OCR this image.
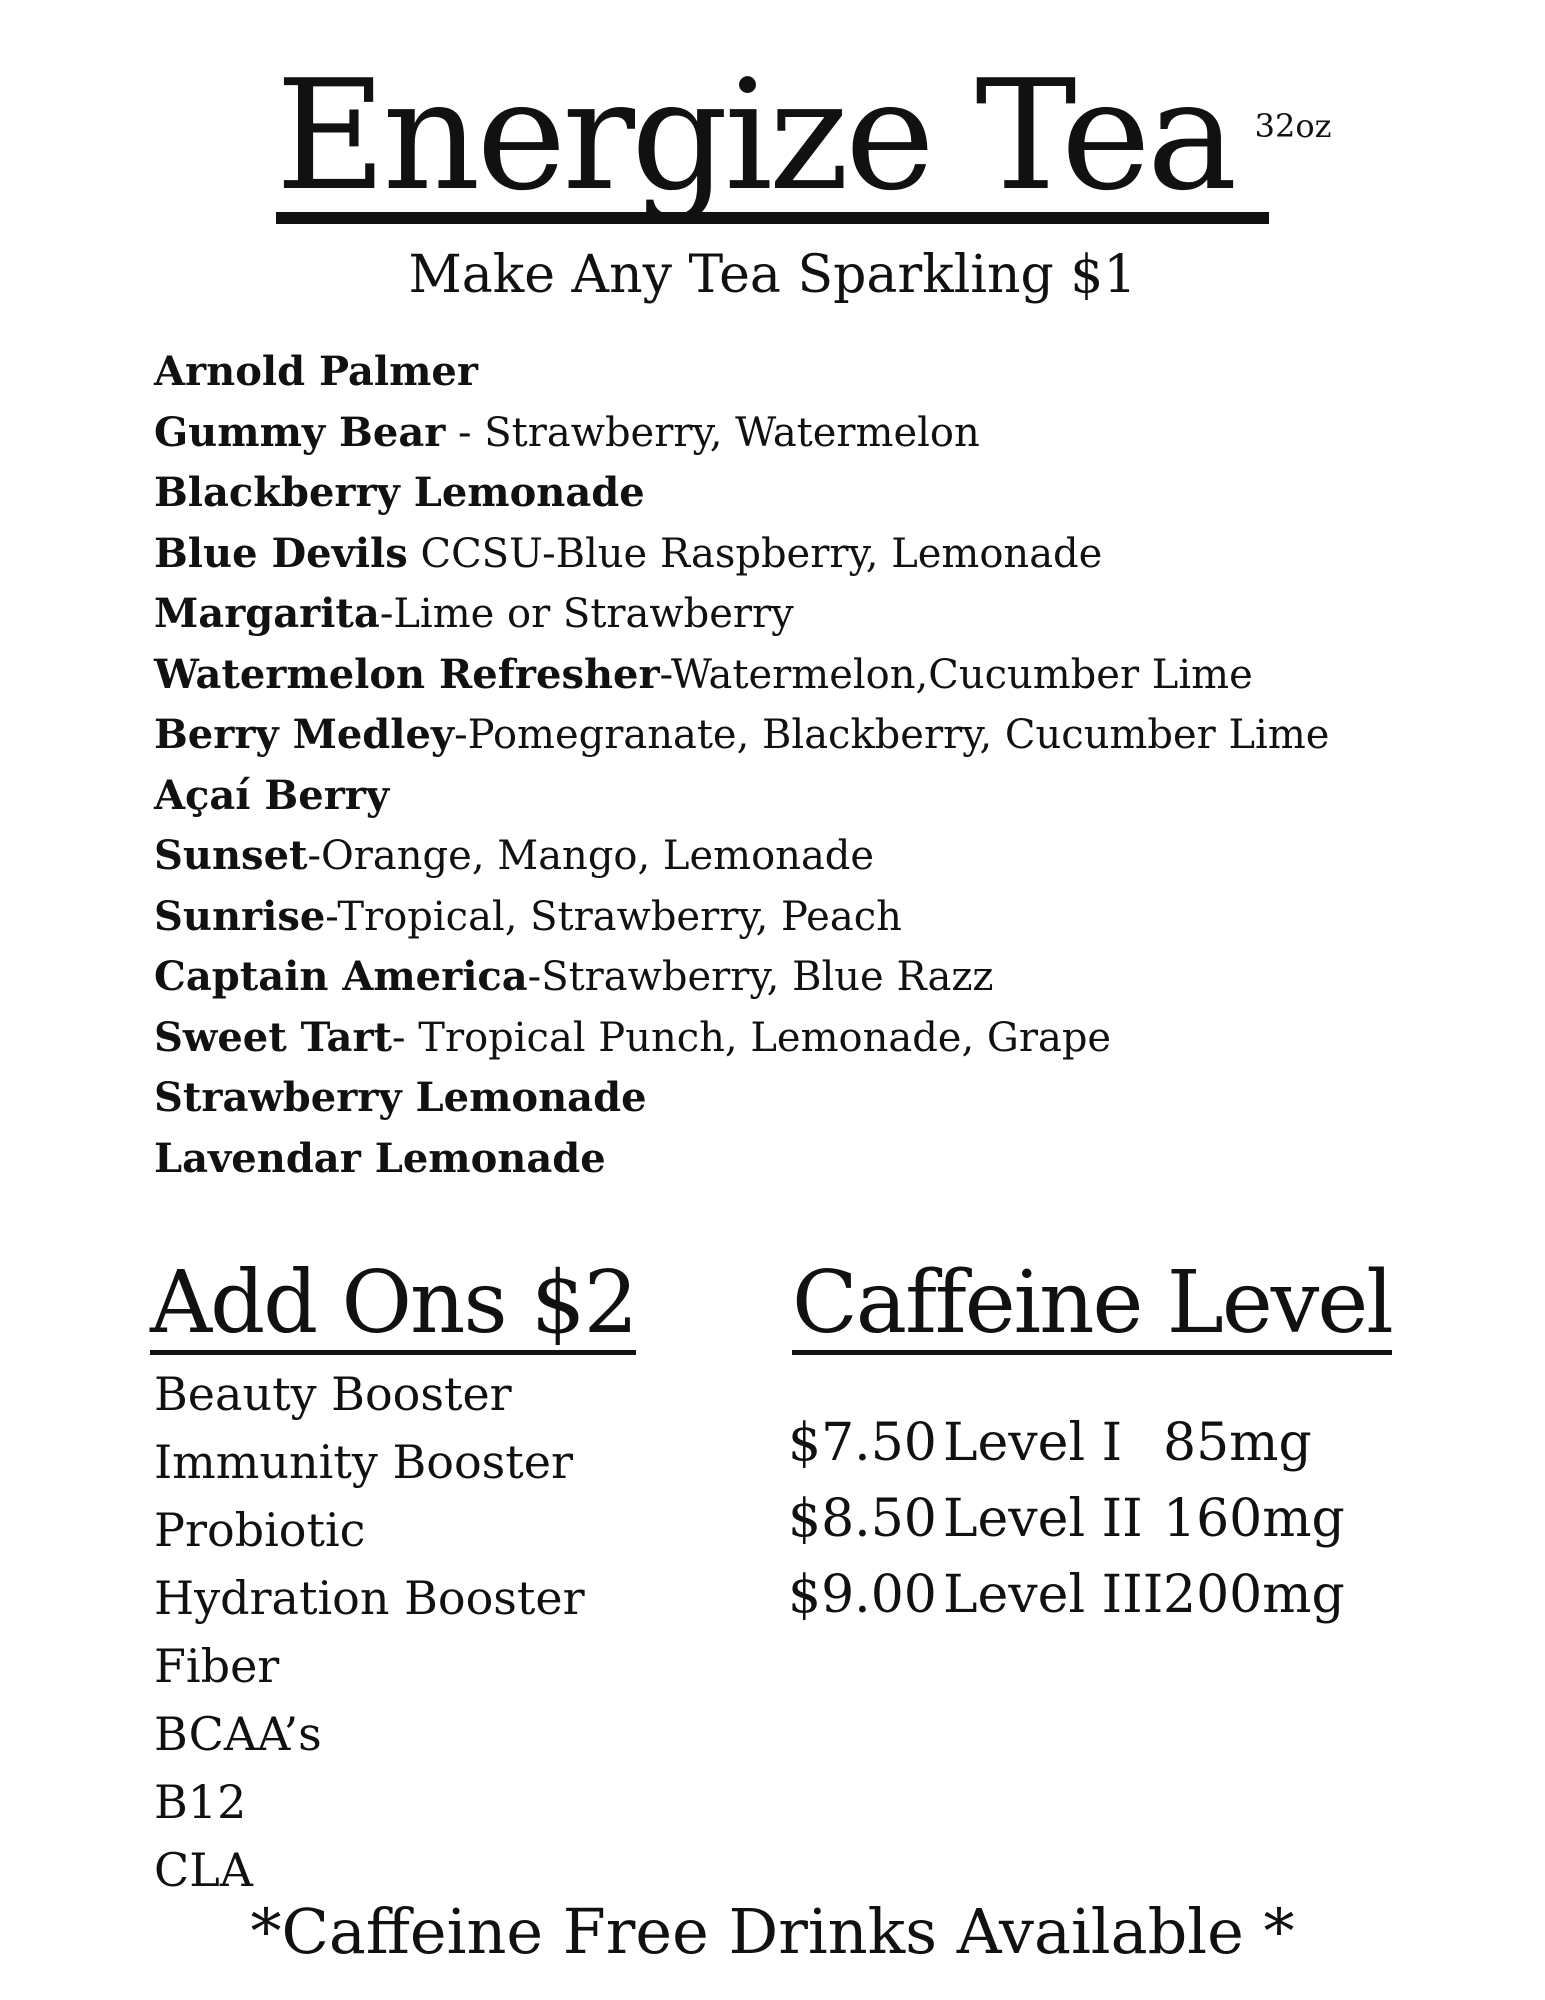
Energize Tea 32oz
Make Any Tea Sparkling $1
Arnold Palmer
Gummy Bear - Strawberry, Watermelon
Blackberry Lemonade
Blue Devils CCSU-Blue Raspberry, Lemonade
Margarita-Lime or Strawberry
Watermelon Refresher-Watermelon,Cucumber Lime
Berry Medley-Pomegranate, Blackberry, Cucumber Lime
Açaí Berry
Sunset-Orange, Mango, Lemonade
Sunrise-Tropical, Strawberry, Peach
Captain America-Strawberry, Blue Razz
Sweet Tart- Tropical Punch, Lemonade, Grape
Strawberry Lemonade
Lavendar Lemonade
Add Ons $2
Beauty Booster
Immunity Booster
Probiotic
Hydration Booster
Fiber
BCAA’s
B12
CLA
Caffeine Level
$7.50 Level I 85mg
$8.50 Level II 160mg
$9.00 Level III 200mg
*Caffeine Free Drinks Available *
